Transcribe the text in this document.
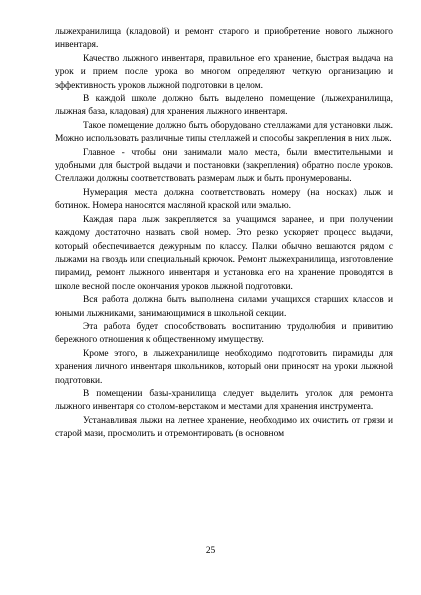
лыжехранилища (кладовой) и ремонт старого и приобретение нового лыжного инвентаря.

Качество лыжного инвентаря, правильное его хранение, быстрая выдача на урок и прием после урока во многом определяют четкую организацию и эффективность уроков лыжной подготовки в целом.

В каждой школе должно быть выделено помещение (лыжехранилища, лыжная база, кладовая) для хранения лыжного инвентаря.

Такое помещение должно быть оборудовано стеллажами для установки лыж. Можно использовать различные типы стеллажей и способы закрепления в них лыж.

Главное - чтобы они занимали мало места, были вместительными и удобными для быстрой выдачи и постановки (закрепления) обратно после уроков. Стеллажи должны соответствовать размерам лыж и быть пронумерованы.

Нумерация места должна соответствовать номеру (на носках) лыж и ботинок. Номера наносятся масляной краской или эмалью.

Каждая пара лыж закрепляется за учащимся заранее, и при получении каждому достаточно назвать свой номер. Это резко ускоряет процесс выдачи, который обеспечивается дежурным по классу. Палки обычно вешаются рядом с лыжами на гвоздь или специальный крючок. Ремонт лыжехранилища, изготовление пирамид, ремонт лыжного инвентаря и установка его на хранение проводятся в школе весной после окончания уроков лыжной подготовки.

Вся работа должна быть выполнена силами учащихся старших классов и юными лыжниками, занимающимися в школьной секции.

Эта работа будет способствовать воспитанию трудолюбия и привитию бережного отношения к общественному имуществу.

Кроме этого, в лыжехранилище необходимо подготовить пирамиды для хранения личного инвентаря школьников, который они приносят на уроки лыжной подготовки.

В помещении базы-хранилища следует выделить уголок для ремонта лыжного инвентаря со столом-верстаком и местами для хранения инструмента.

Устанавливая лыжи на летнее хранение, необходимо их очистить от грязи и старой мази, просмолить и отремонтировать (в основном

25
